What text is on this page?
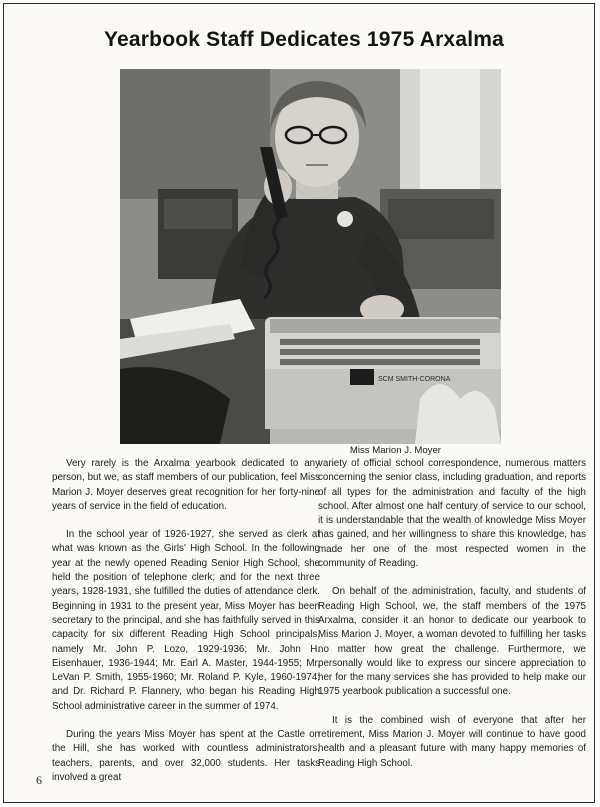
Yearbook Staff Dedicates 1975 Arxalma
SCM SMITH-CORONA
Miss Marion J. Moyer

Very rarely is the Arxalma yearbook dedicated to any person, but we, as staff members of our publication, feel Miss Marion J. Moyer deserves great recognition for her forty-nine years of service in the field of education.

In the school year of 1926-1927, she served as clerk at what was known as the Girls' High School. In the following year at the newly opened Reading Senior High School, she held the position of telephone clerk; and for the next three years, 1928-1931, she fulfilled the duties of attendance clerk. Beginning in 1931 to the present year, Miss Moyer has been secretary to the principal, and she has faithfully served in this capacity for six different Reading High School principals, namely Mr. John P. Lozo, 1929-1936; Mr. John H. Eisenhauer, 1936-1944; Mr. Earl A. Master, 1944-1955; Mr. LeVan P. Smith, 1955-1960; Mr. Roland P. Kyle, 1960-1974; and Dr. Richard P. Flannery, who began his Reading High School administrative career in the summer of 1974.

During the years Miss Moyer has spent at the Castle on the Hill, she has worked with countless administrators, teachers, parents, and over 32,000 students. Her tasks involved a great

variety of official school correspondence, numerous matters concerning the senior class, including graduation, and reports of all types for the administration and faculty of the high school. After almost one half century of service to our school, it is understandable that the wealth of knowledge Miss Moyer has gained, and her willingness to share this knowledge, has made her one of the most respected women in the community of Reading.

On behalf of the administration, faculty, and students of Reading High School, we, the staff members of the 1975 Arxalma, consider it an honor to dedicate our yearbook to Miss Marion J. Moyer, a woman devoted to fulfilling her tasks no matter how great the challenge. Furthermore, we personally would like to express our sincere appreciation to her for the many services she has provided to help make our 1975 yearbook publication a successful one.

It is the combined wish of everyone that after her retirement, Miss Marion J. Moyer will continue to have good health and a pleasant future with many happy memories of Reading High School.

6
